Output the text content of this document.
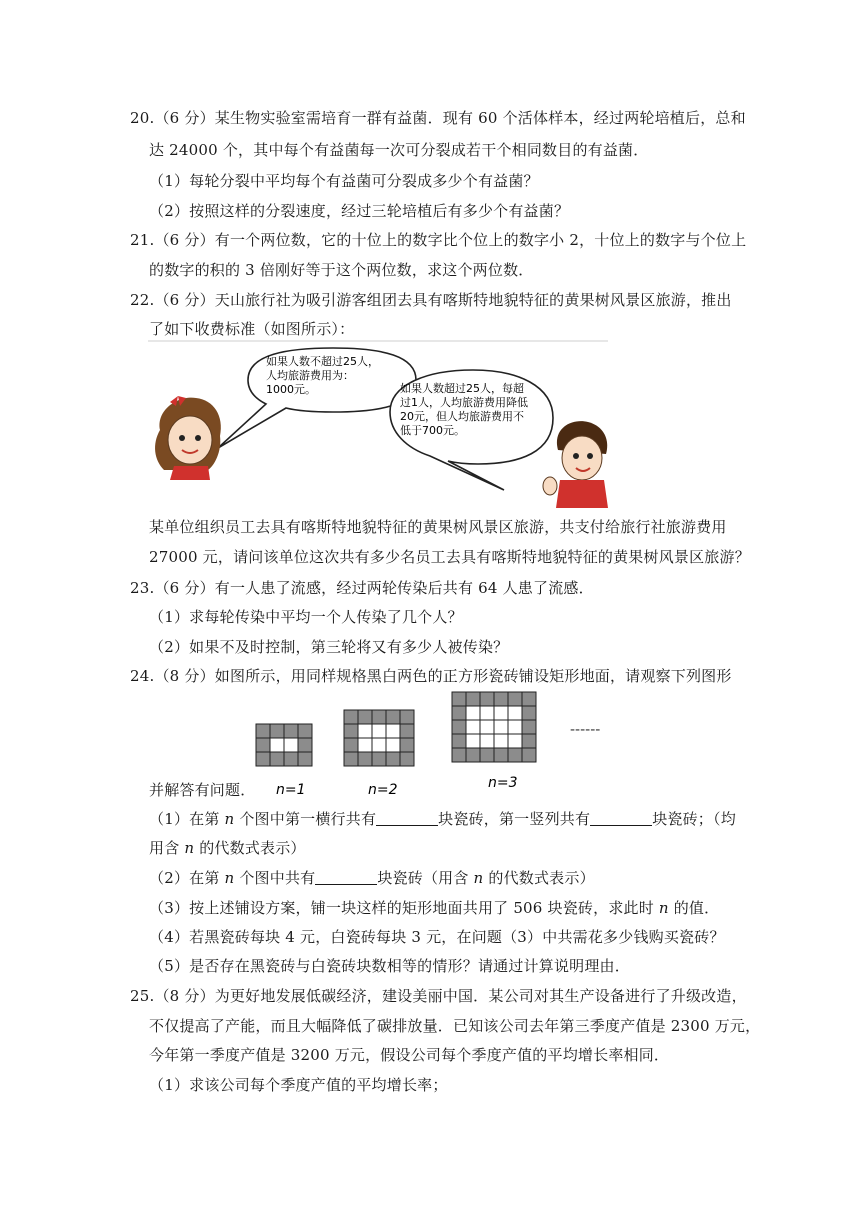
20.（6 分）某生物实验室需培育一群有益菌．现有 60 个活体样本，经过两轮培植后，总和
达 24000 个，其中每个有益菌每一次可分裂成若干个相同数目的有益菌．
（1）每轮分裂中平均每个有益菌可分裂成多少个有益菌？
（2）按照这样的分裂速度，经过三轮培植后有多少个有益菌？
21.（6 分）有一个两位数，它的十位上的数字比个位上的数字小 2，十位上的数字与个位上
的数字的积的 3 倍刚好等于这个两位数，求这个两位数．
22.（6 分）天山旅行社为吸引游客组团去具有喀斯特地貌特征的黄果树风景区旅游，推出
了如下收费标准（如图所示）：
如果人数不超过25人，
人均旅游费用为：
1000元。	如果人数超过25人，每超
过1人，人均旅游费用降低
20元，但人均旅游费用不
低于700元。
某单位组织员工去具有喀斯特地貌特征的黄果树风景区旅游，共支付给旅行社旅游费用
27000 元，请问该单位这次共有多少名员工去具有喀斯特地貌特征的黄果树风景区旅游？
23.（6 分）有一人患了流感，经过两轮传染后共有 64 人患了流感．
（1）求每轮传染中平均一个人传染了几个人？
（2）如果不及时控制，第三轮将又有多少人被传染？
24.（8 分）如图所示，用同样规格黑白两色的正方形瓷砖铺设矩形地面，请观察下列图形
n=1	n=2	n=3
------
并解答有问题．
（1）在第 n 个图中第一横行共有	块瓷砖，第一竖列共有	块瓷砖；（均
用含 n 的代数式表示）
（2）在第 n 个图中共有	块瓷砖（用含 n 的代数式表示）
（3）按上述铺设方案，铺一块这样的矩形地面共用了 506 块瓷砖，求此时 n 的值．
（4）若黑瓷砖每块 4 元，白瓷砖每块 3 元，在问题（3）中共需花多少钱购买瓷砖？
（5）是否存在黑瓷砖与白瓷砖块数相等的情形？请通过计算说明理由．
25.（8 分）为更好地发展低碳经济，建设美丽中国．某公司对其生产设备进行了升级改造，
不仅提高了产能，而且大幅降低了碳排放量．已知该公司去年第三季度产值是 2300 万元，
今年第一季度产值是 3200 万元，假设公司每个季度产值的平均增长率相同．
（1）求该公司每个季度产值的平均增长率；
